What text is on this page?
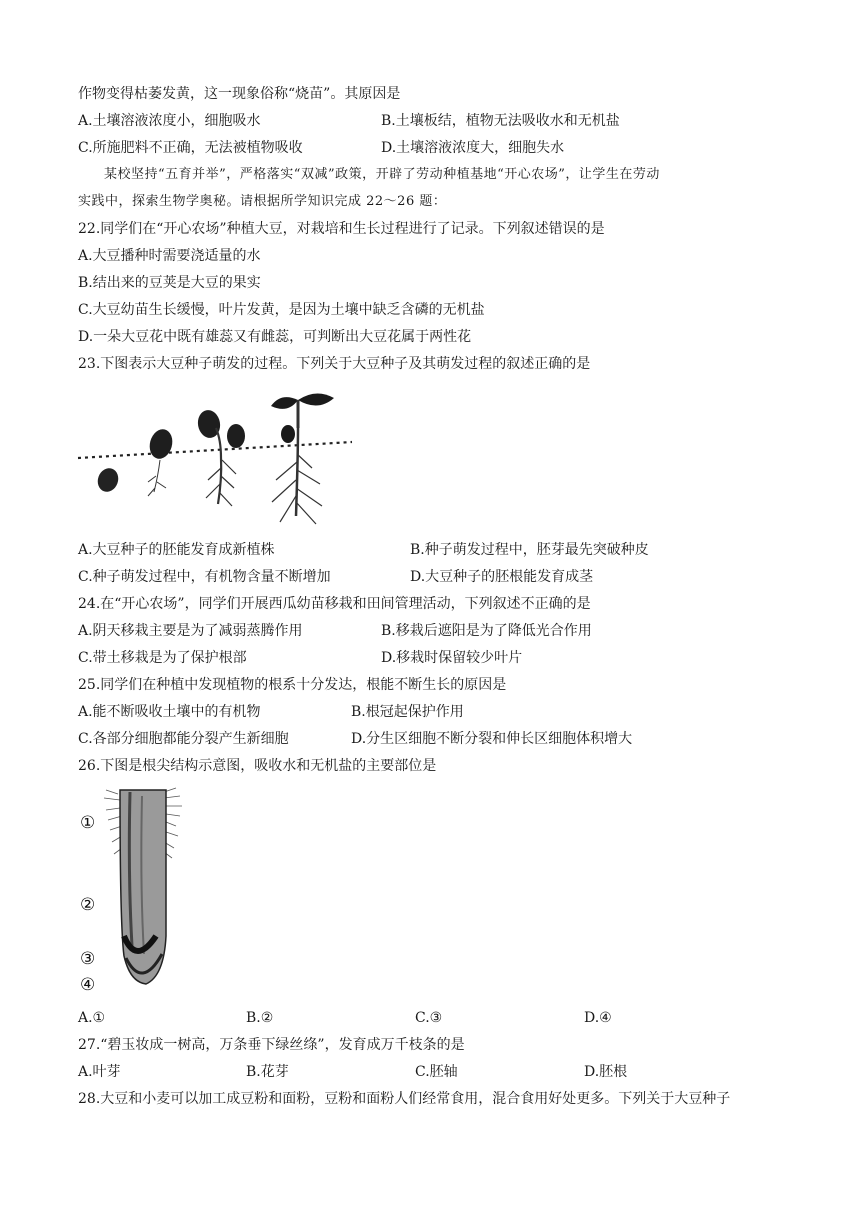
作物变得枯萎发黄，这一现象俗称“烧苗”。其原因是
A.土壤溶液浓度小，细胞吸水	B.土壤板结，植物无法吸收水和无机盐
C.所施肥料不正确，无法被植物吸收	D.土壤溶液浓度大，细胞失水
某校坚持“五育并举”，严格落实“双减”政策，开辟了劳动种植基地“开心农场”，让学生在劳动
实践中，探索生物学奥秘。请根据所学知识完成 22～26 题：
22.同学们在“开心农场”种植大豆，对栽培和生长过程进行了记录。下列叙述错误的是
A.大豆播种时需要浇适量的水
B.结出来的豆荚是大豆的果实
C.大豆幼苗生长缓慢，叶片发黄，是因为土壤中缺乏含磷的无机盐
D.一朵大豆花中既有雄蕊又有雌蕊，可判断出大豆花属于两性花
23.下图表示大豆种子萌发的过程。下列关于大豆种子及其萌发过程的叙述正确的是
A.大豆种子的胚能发育成新植株	B.种子萌发过程中，胚芽最先突破种皮
C.种子萌发过程中，有机物含量不断增加	D.大豆种子的胚根能发育成茎
24.在“开心农场”，同学们开展西瓜幼苗移栽和田间管理活动，下列叙述不正确的是
A.阴天移栽主要是为了减弱蒸腾作用	B.移栽后遮阳是为了降低光合作用
C.带土移栽是为了保护根部	D.移栽时保留较少叶片
25.同学们在种植中发现植物的根系十分发达，根能不断生长的原因是
A.能不断吸收土壤中的有机物	B.根冠起保护作用
C.各部分细胞都能分裂产生新细胞	D.分生区细胞不断分裂和伸长区细胞体积增大
26.下图是根尖结构示意图，吸收水和无机盐的主要部位是
①
②
③
④
A.①	B.②	C.③	D.④
27.“碧玉妆成一树高，万条垂下绿丝绦”，发育成万千枝条的是
A.叶芽	B.花芽	C.胚轴	D.胚根
28.大豆和小麦可以加工成豆粉和面粉，豆粉和面粉人们经常食用，混合食用好处更多。下列关于大豆种子
